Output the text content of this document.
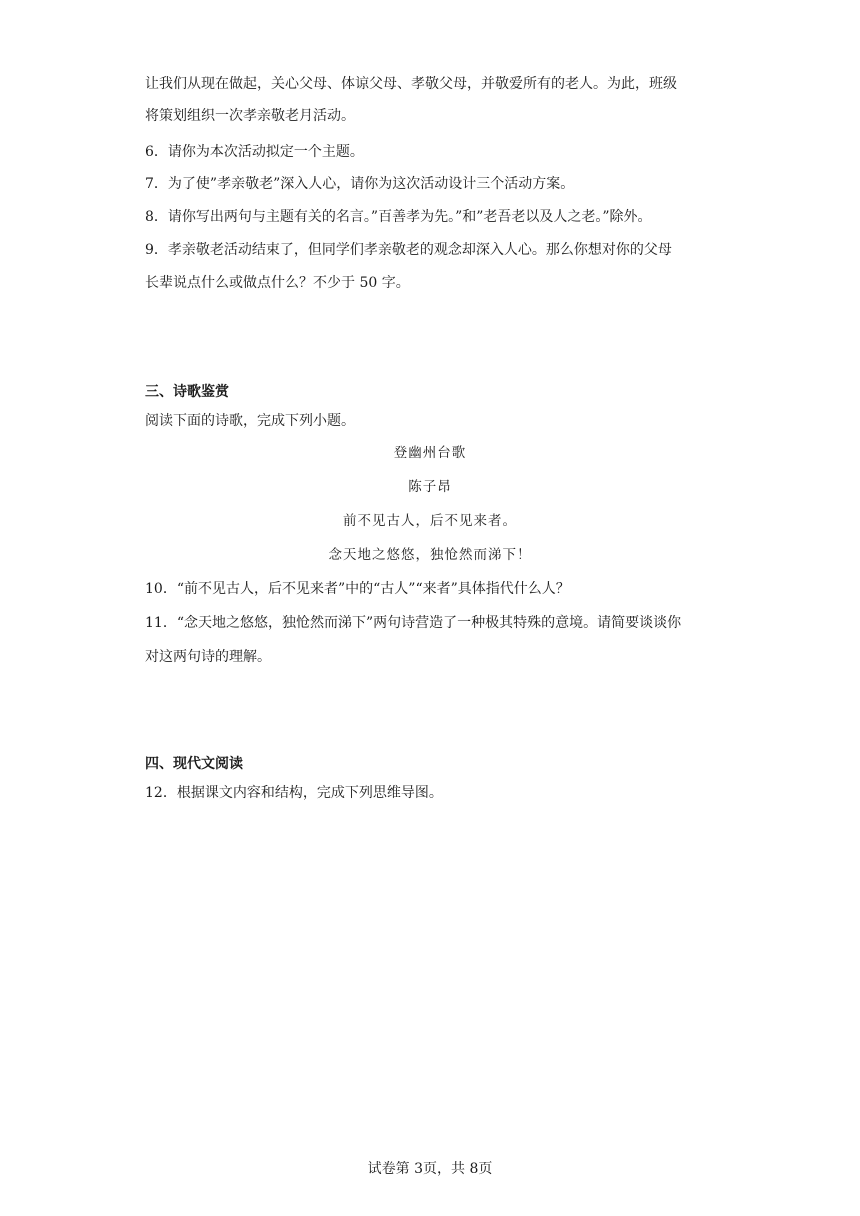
让我们从现在做起，关心父母、体谅父母、孝敬父母，并敬爱所有的老人。为此，班级
将策划组织一次孝亲敬老月活动。
6．请你为本次活动拟定一个主题。
7．为了使”孝亲敬老”深入人心，请你为这次活动设计三个活动方案。
8．请你写出两句与主题有关的名言。”百善孝为先。”和”老吾老以及人之老。”除外。
9．孝亲敬老活动结束了，但同学们孝亲敬老的观念却深入人心。那么你想对你的父母
长辈说点什么或做点什么？不少于 50 字。
三、诗歌鉴赏
阅读下面的诗歌，完成下列小题。
登幽州台歌
陈子昂
前不见古人，后不见来者。
念天地之悠悠，独怆然而涕下！
10．“前不见古人，后不见来者”中的“古人”“来者”具体指代什么人？
11．“念天地之悠悠，独怆然而涕下”两句诗营造了一种极其特殊的意境。请简要谈谈你
对这两句诗的理解。
四、现代文阅读
12．根据课文内容和结构，完成下列思维导图。
试卷第 3页，共 8页
